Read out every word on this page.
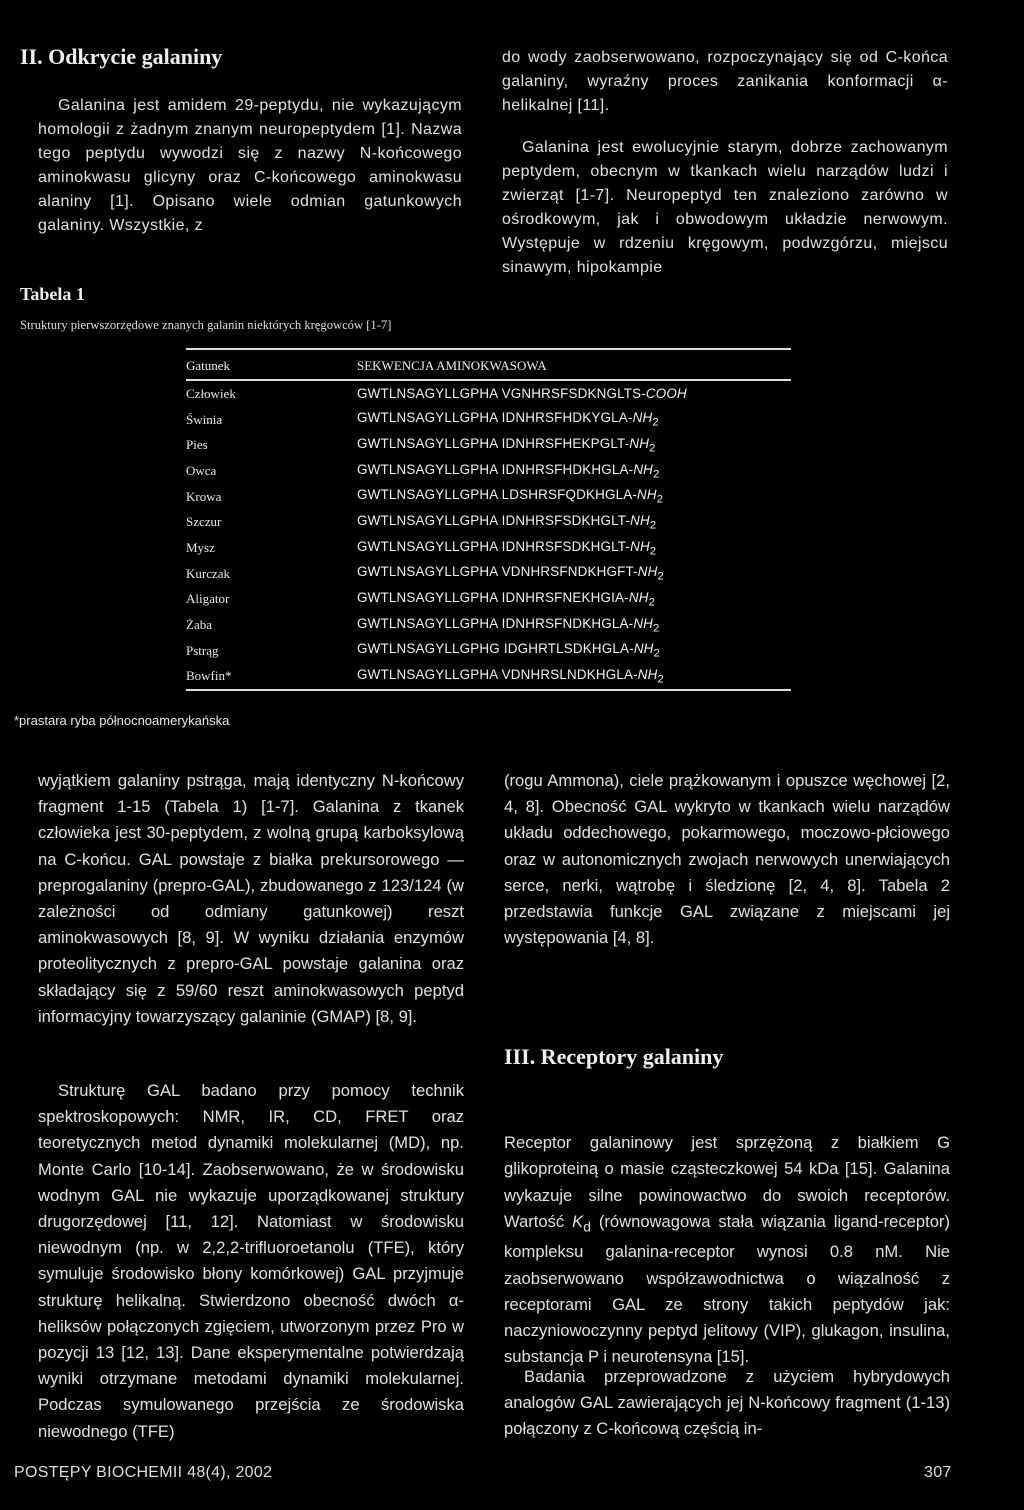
II. Odkrycie galaniny
Galanina jest amidem 29-peptydu, nie wykazującym homologii z żadnym znanym neuropeptydem [1]. Nazwa tego peptydu wywodzi się z nazwy N-końcowego aminokwasu glicyny oraz C-końcowego aminokwasu alaniny [1]. Opisano wiele odmian gatunkowych galaniny. Wszystkie, z
do wody zaobserwowano, rozpoczynający się od C-końca galaniny, wyraźny proces zanikania konformacji α-helikalnej [11].
Galanina jest ewolucyjnie starym, dobrze zachowanym peptydem, obecnym w tkankach wielu narządów ludzi i zwierząt [1-7]. Neuropeptyd ten znaleziono zarówno w ośrodkowym, jak i obwodowym układzie nerwowym. Występuje w rdzeniu kręgowym, podwzgórzu, miejscu sinawym, hipokampie
Tabela 1
Struktury pierwszorzędowe znanych galanin niektórych kręgowców [1-7]
Gatunek	SEKWENCJA AMINOKWASOWA
Człowiek	GWTLNSAGYLLGPHA VGNHRSFSDKNGLTS-COOH
Świnia	GWTLNSAGYLLGPHA IDNHRSFHDKYGLA-$NH_2$
Pies	GWTLNSAGYLLGPHA IDNHRSFHEKPGLT-$NH_2$
Owca	GWTLNSAGYLLGPHA IDNHRSFHDKHGLA-$NH_2$
Krowa	GWTLNSAGYLLGPHA LDSHRSFQDKHGLA-$NH_2$
Szczur	GWTLNSAGYLLGPHA IDNHRSFSDKHGLT-$NH_2$
Mysz	GWTLNSAGYLLGPHA IDNHRSFSDKHGLT-$NH_2$
Kurczak	GWTLNSAGYLLGPHA VDNHRSFNDKHGFT-$NH_2$
Aligator	GWTLNSAGYLLGPHA IDNHRSFNEKHGIA-$NH_2$
Żaba	GWTLNSAGYLLGPHA IDNHRSFNDKHGLA-$NH_2$
Pstrąg	GWTLNSAGYLLGPHG IDGHRTLSDKHGLA-$NH_2$
Bowfin*	GWTLNSAGYLLGPHA VDNHRSLNDKHGLA-$NH_2$
*prastara ryba północnoamerykańska
wyjątkiem galaniny pstrąga, mają identyczny N-końcowy fragment 1-15 (Tabela 1) [1-7]. Galanina z tkanek człowieka jest 30-peptydem, z wolną grupą karboksylową na C-końcu. GAL powstaje z białka prekursorowego — preprogalaniny (prepro-GAL), zbudowanego z 123/124 (w zależności od odmiany gatunkowej) reszt aminokwasowych [8, 9]. W wyniku działania enzymów proteolitycznych z prepro-GAL powstaje galanina oraz składający się z 59/60 reszt aminokwasowych peptyd informacyjny towarzyszący galaninie (GMAP) [8, 9].
Strukturę GAL badano przy pomocy technik spektroskopowych: NMR, IR, CD, FRET oraz teoretycznych metod dynamiki molekularnej (MD), np. Monte Carlo [10-14]. Zaobserwowano, że w środowisku wodnym GAL nie wykazuje uporządkowanej struktury drugorzędowej [11, 12]. Natomiast w środowisku niewodnym (np. w 2,2,2-trifluoroetanolu (TFE), który symuluje środowisko błony komórkowej) GAL przyjmuje strukturę helikalną. Stwierdzono obecność dwóch α-heliksów połączonych zgięciem, utworzonym przez Pro w pozycji 13 [12, 13]. Dane eksperymentalne potwierdzają wyniki otrzymane metodami dynamiki molekularnej. Podczas symulowanego przejścia ze środowiska niewodnego (TFE)
(rogu Ammona), ciele prążkowanym i opuszce węchowej [2, 4, 8]. Obecność GAL wykryto w tkankach wielu narządów układu oddechowego, pokarmowego, moczowo-płciowego oraz w autonomicznych zwojach nerwowych unerwiających serce, nerki, wątrobę i śledzionę [2, 4, 8]. Tabela 2 przedstawia funkcje GAL związane z miejscami jej występowania [4, 8].
III. Receptory galaniny

Receptor galaninowy jest sprzężoną z białkiem G glikoproteiną o masie cząsteczkowej 54 kDa [15]. Galanina wykazuje silne powinowactwo do swoich receptorów. Wartość $K_d$ (równowagowa stała wiązania ligand-receptor) kompleksu galanina-receptor wynosi 0.8 nM. Nie zaobserwowano współzawodnictwa o wiązalność z receptorami GAL ze strony takich peptydów jak: naczyniowoczynny peptyd jelitowy (VIP), glukagon, insulina, substancja P i neurotensyna [15].

Badania przeprowadzone z użyciem hybrydowych analogów GAL zawierających jej N-końcowy fragment (1-13) połączony z C-końcową częścią in-
POSTĘPY BIOCHEMII 48(4), 2002	307
